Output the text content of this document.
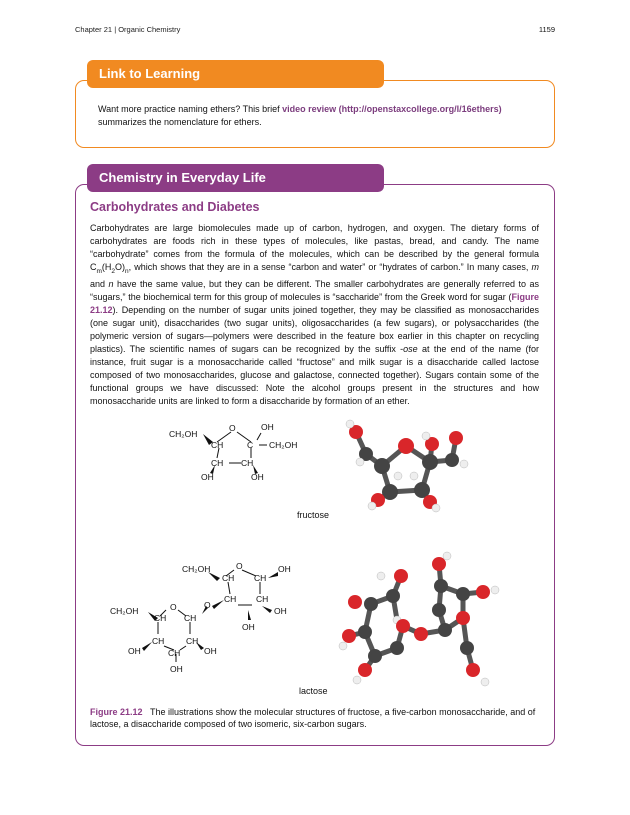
Chapter 21 | Organic Chemistry	1159
Link to Learning
Want more practice naming ethers? This brief video review (http://openstaxcollege.org/l/16ethers) summarizes the nomenclature for ethers.
Chemistry in Everyday Life
Carbohydrates and Diabetes
Carbohydrates are large biomolecules made up of carbon, hydrogen, and oxygen. The dietary forms of carbohydrates are foods rich in these types of molecules, like pastas, bread, and candy. The name “carbohydrate” comes from the formula of the molecules, which can be described by the general formula $C_m(H_2O)_n$, which shows that they are in a sense “carbon and water” or “hydrates of carbon.” In many cases, m and n have the same value, but they can be different. The smaller carbohydrates are generally referred to as “sugars,” the biochemical term for this group of molecules is “saccharide” from the Greek word for sugar (Figure 21.12). Depending on the number of sugar units joined together, they may be classified as monosaccharides (one sugar unit), disaccharides (two sugar units), oligosaccharides (a few sugars), or polysaccharides (the polymeric version of sugars—polymers were described in the feature box earlier in this chapter on recycling plastics). The scientific names of sugars can be recognized by the suffix -ose at the end of the name (for instance, fruit sugar is a monosaccharide called “fructose” and milk sugar is a disaccharide called lactose composed of two monosaccharides, glucose and galactose, connected together). Sugars contain some of the functional groups we have discussed: Note the alcohol groups present in the structures and how monosaccharide units are linked to form a disaccharide by formation of an ether.
CH₂OH
O
CH	C
OH
CH₂OH
CH CH
OH	OH
fructose
CH₂OH	O
CH CH
OH
CH CH
O
OH
OH
CH₂OH	O
CH CH
CH	CH
OH	OH
CH
OH
lactose
Figure 21.12 The illustrations show the molecular structures of fructose, a five-carbon monosaccharide, and of lactose, a disaccharide composed of two isomeric, six-carbon sugars.
